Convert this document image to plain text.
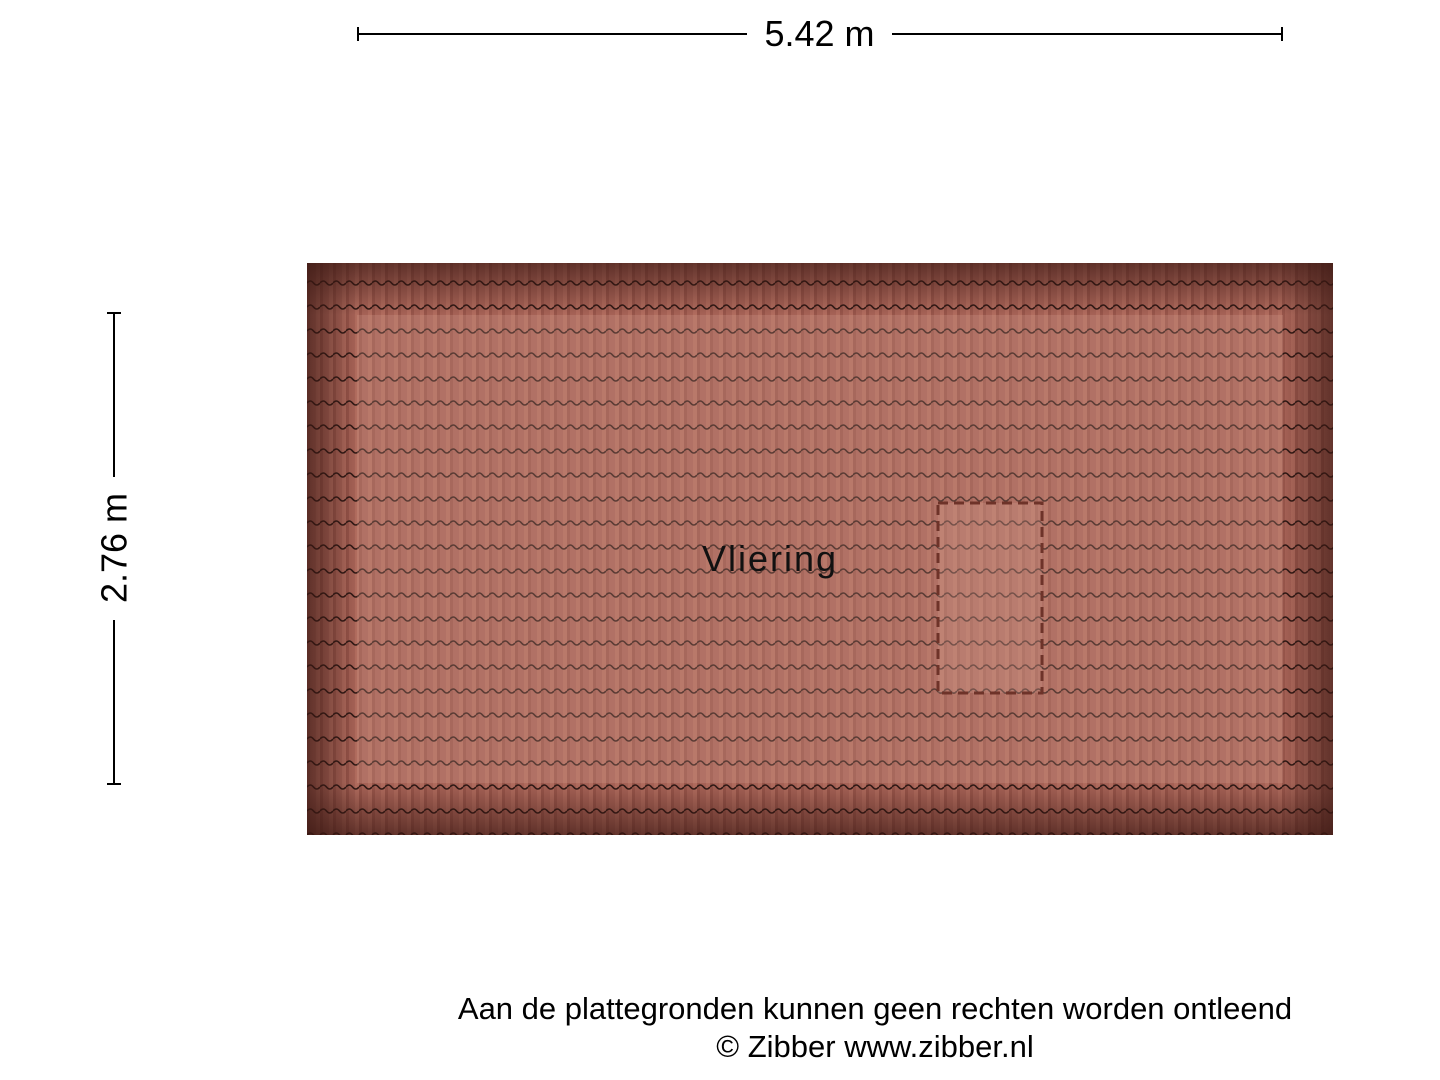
5.42 m
2.76 m	Vliering
Aan de plattegronden kunnen geen rechten worden ontleend
© Zibber www.zibber.nl
